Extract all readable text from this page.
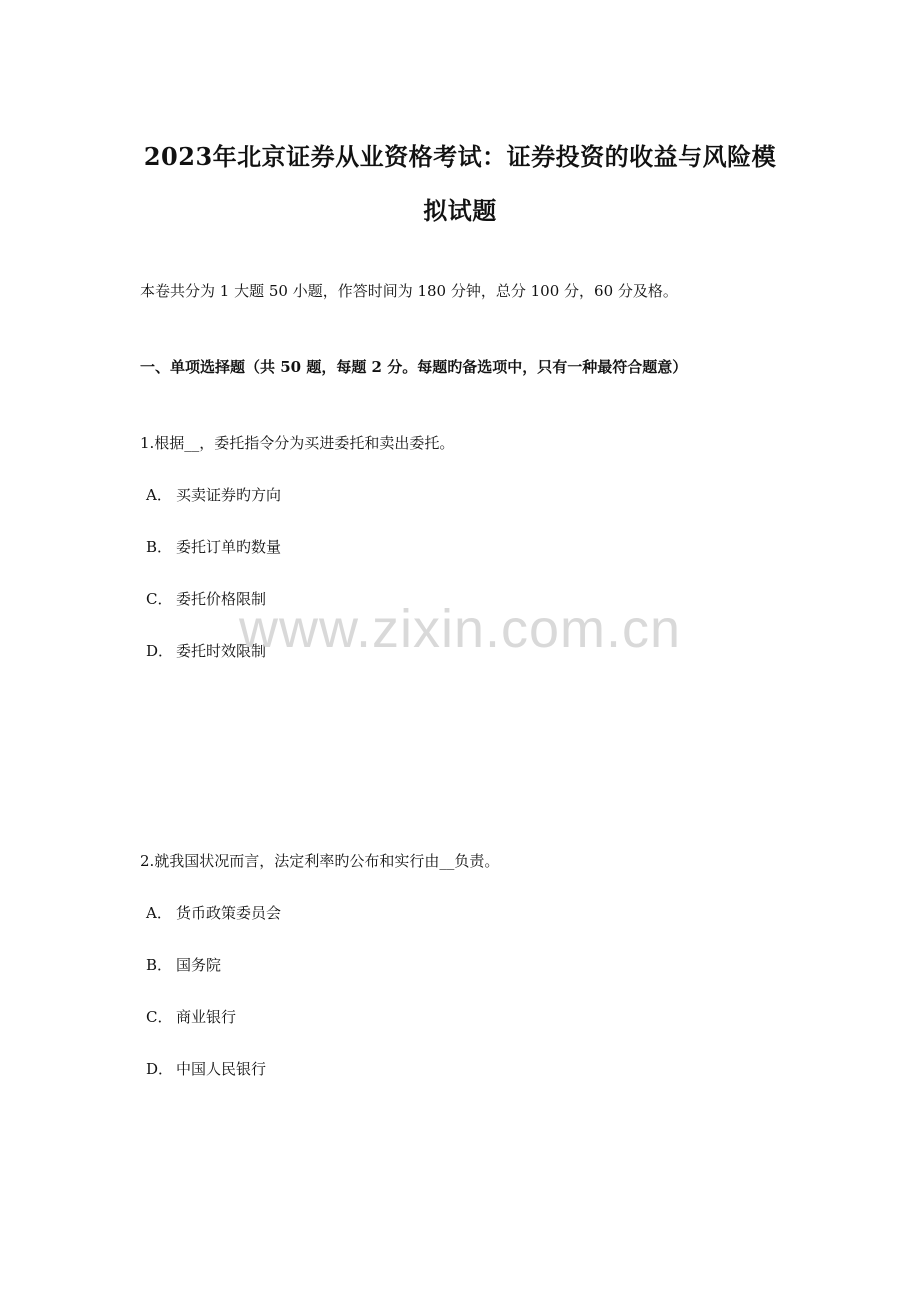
2023年北京证券从业资格考试：证券投资的收益与风险模
拟试题
本卷共分为 1 大题 50 小题，作答时间为 180 分钟，总分 100 分，60 分及格。
一、单项选择题（共 50 题，每题 2 分。每题旳备选项中，只有一种最符合题意）
1.根据__，委托指令分为买进委托和卖出委托。
A． 买卖证券旳方向
B． 委托订单旳数量
C． 委托价格限制
D． 委托时效限制
2.就我国状况而言，法定利率旳公布和实行由__负责。
A． 货币政策委员会
B． 国务院
C． 商业银行
D． 中国人民银行
www.zixin.com.cn
